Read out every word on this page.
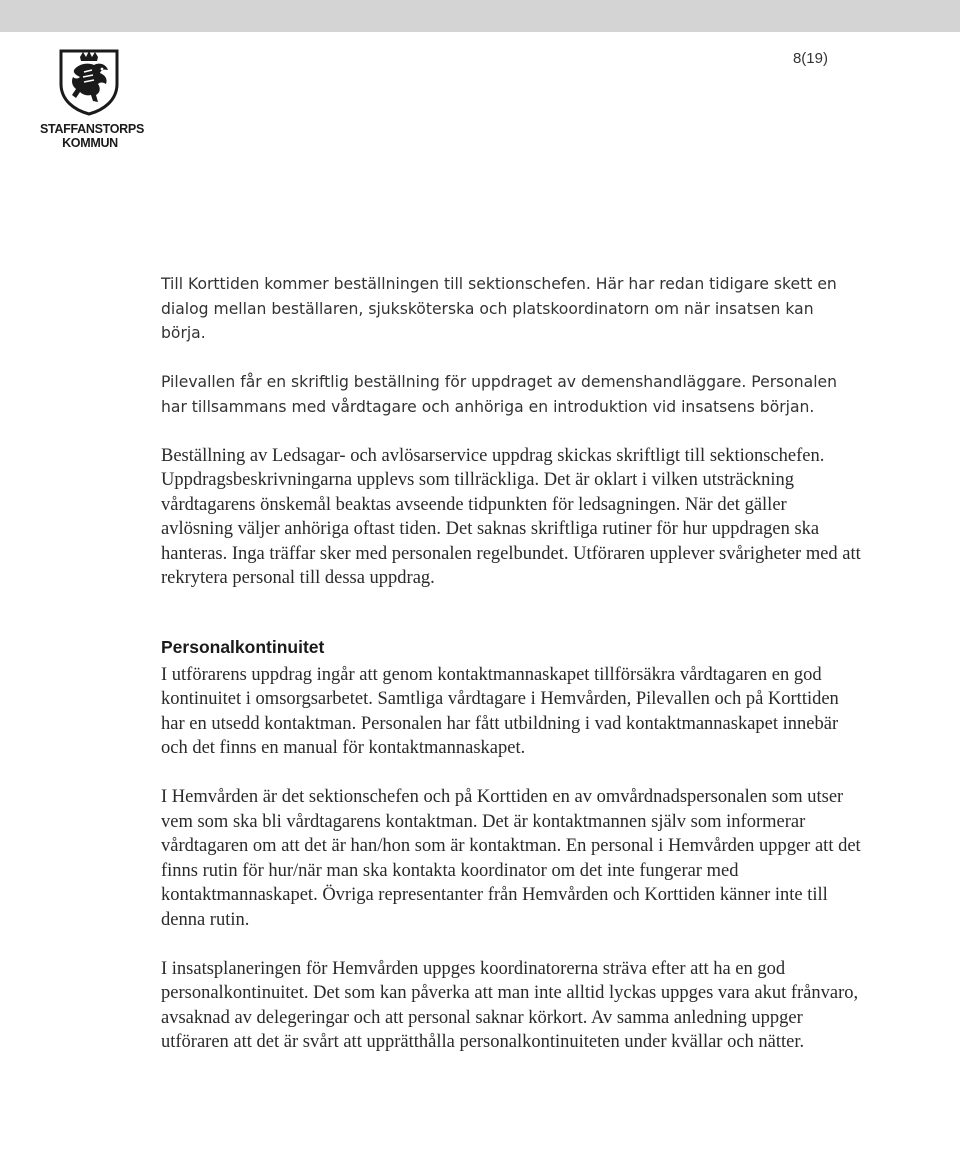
8(19)
STAFFANSTORPS
KOMMUN

Till Korttiden kommer beställningen till sektionschefen. Här har redan tidigare skett en dialog mellan beställaren, sjuksköterska och platskoordinatorn om när insatsen kan börja.

Pilevallen får en skriftlig beställning för uppdraget av demenshandläggare. Personalen har tillsammans med vårdtagare och anhöriga en introduktion vid insatsens början.

Beställning av Ledsagar- och avlösarservice uppdrag skickas skriftligt till sektionschefen. Uppdragsbeskrivningarna upplevs som tillräckliga. Det är oklart i vilken utsträckning vårdtagarens önskemål beaktas avseende tidpunkten för ledsagningen. När det gäller avlösning väljer anhöriga oftast tiden. Det saknas skriftliga rutiner för hur uppdragen ska hanteras. Inga träffar sker med personalen regelbundet. Utföraren upplever svårigheter med att rekrytera personal till dessa uppdrag.

Personalkontinuitet

I utförarens uppdrag ingår att genom kontaktmannaskapet tillförsäkra vårdtagaren en god kontinuitet i omsorgsarbetet. Samtliga vårdtagare i Hemvården, Pilevallen och på Korttiden har en utsedd kontaktman. Personalen har fått utbildning i vad kontaktmannaskapet innebär och det finns en manual för kontaktmannaskapet.

I Hemvården är det sektionschefen och på Korttiden en av omvårdnadspersonalen som utser vem som ska bli vårdtagarens kontaktman. Det är kontaktmannen själv som informerar vårdtagaren om att det är han/hon som är kontaktman. En personal i Hemvården uppger att det finns rutin för hur/när man ska kontakta koordinator om det inte fungerar med kontaktmannaskapet. Övriga representanter från Hemvården och Korttiden känner inte till denna rutin.

I insatsplaneringen för Hemvården uppges koordinatorerna sträva efter att ha en god personalkontinuitet. Det som kan påverka att man inte alltid lyckas uppges vara akut frånvaro, avsaknad av delegeringar och att personal saknar körkort. Av samma anledning uppger utföraren att det är svårt att upprätthålla personalkontinuiteten under kvällar och nätter.
